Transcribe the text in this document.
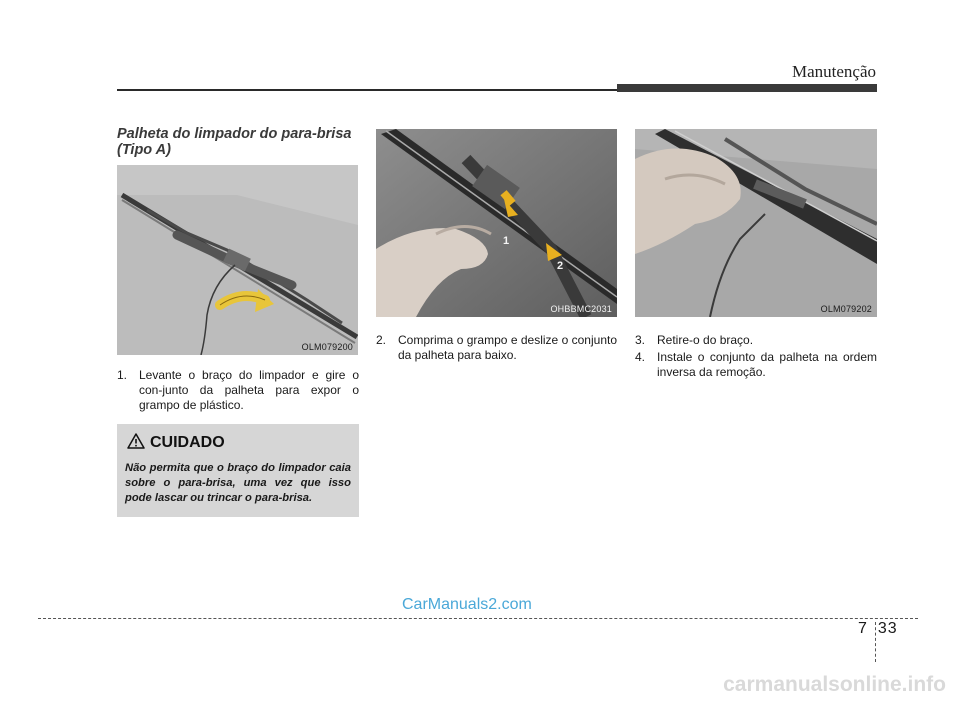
Manutenção
Palheta do limpador do para-brisa (Tipo A)
OLM079200
1. Levante o braço do limpador e gire o con-junto da palheta para expor o grampo de plástico.
CUIDADO
Não permita que o braço do limpador caia sobre o para-brisa, uma vez que isso pode lascar ou trincar o para-brisa.
1
2
OHBBMC2031
2. Comprima o grampo e deslize o conjunto da palheta para baixo.
OLM079202
3. Retire-o do braço.
4. Instale o conjunto da palheta na ordem inversa da remoção.
CarManuals2.com
7 33
carmanualsonline.info
